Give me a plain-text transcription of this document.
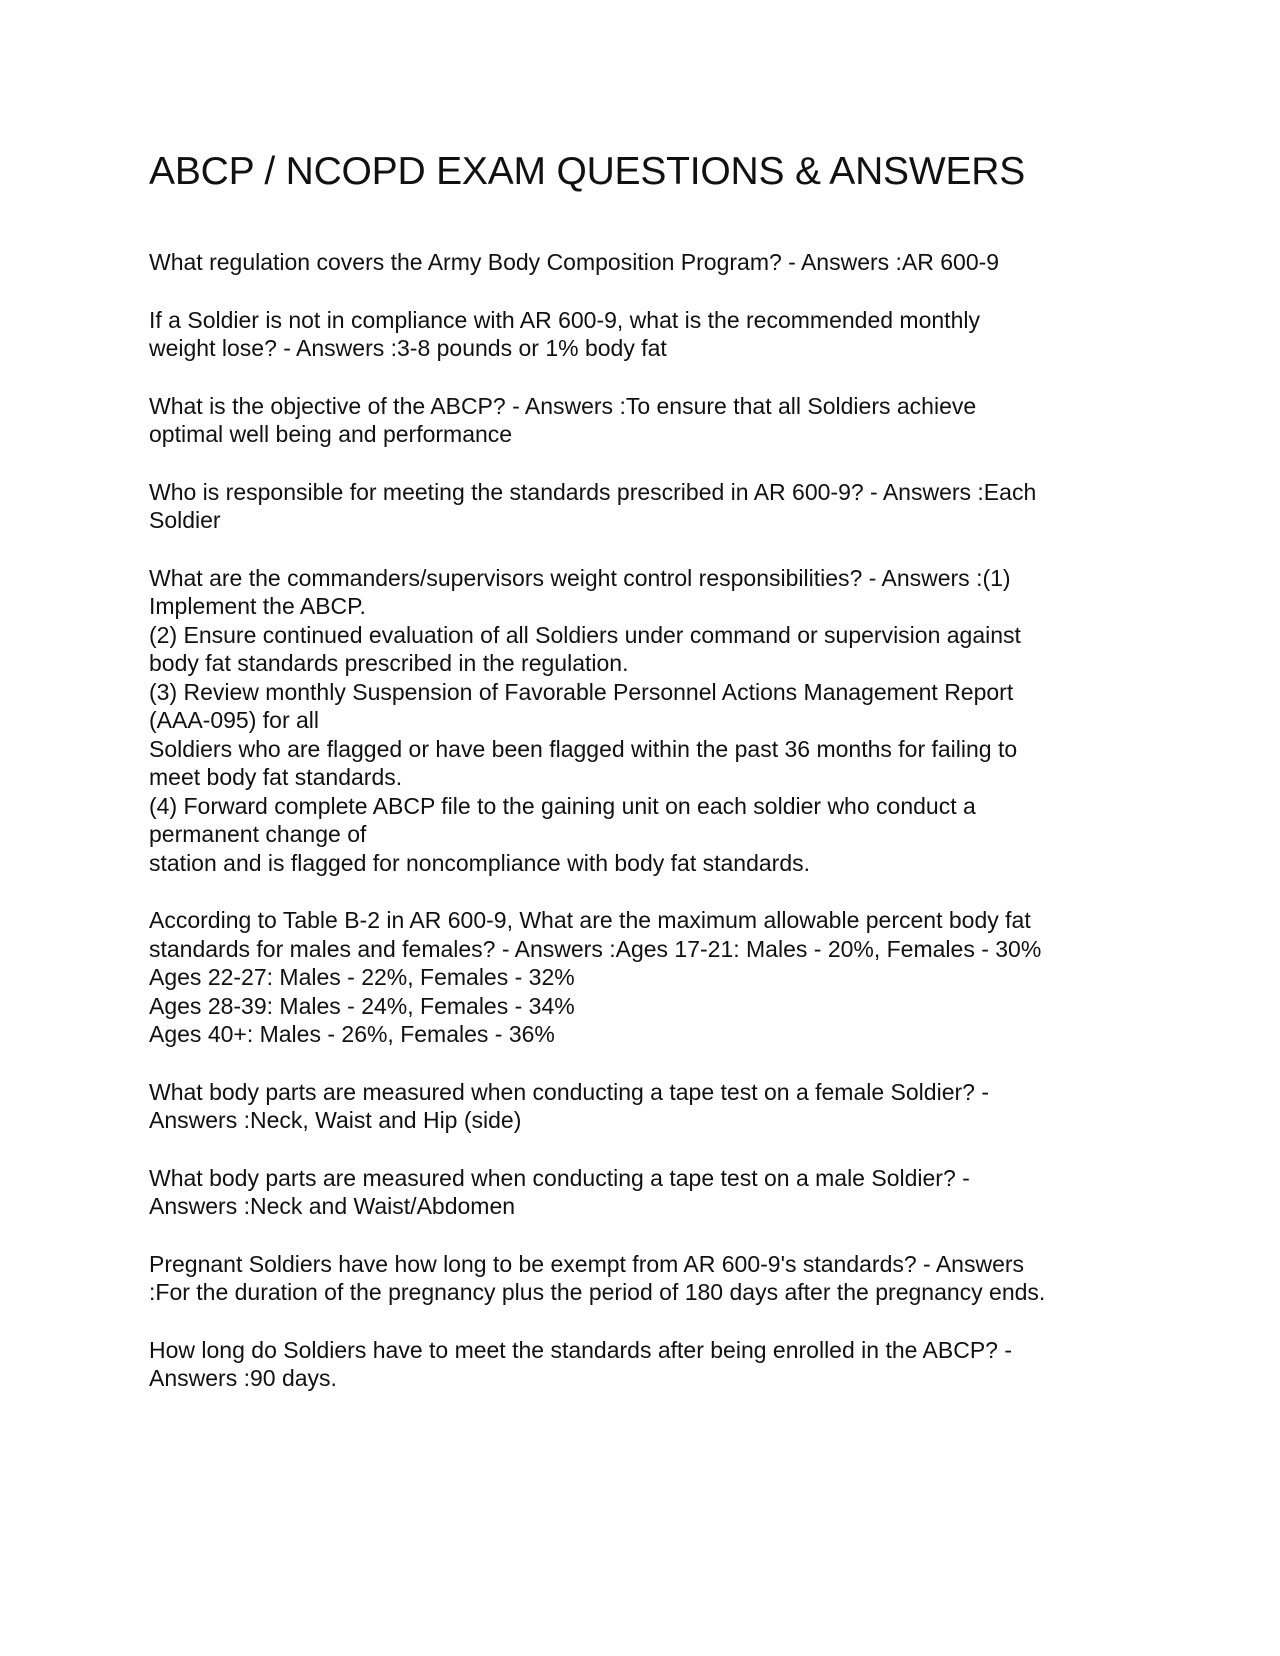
ABCP / NCOPD EXAM QUESTIONS & ANSWERS

What regulation covers the Army Body Composition Program? - Answers :AR 600-9

If a Soldier is not in compliance with AR 600-9, what is the recommended monthly
weight lose? - Answers :3-8 pounds or 1% body fat

What is the objective of the ABCP? - Answers :To ensure that all Soldiers achieve
optimal well being and performance

Who is responsible for meeting the standards prescribed in AR 600-9? - Answers :Each
Soldier

What are the commanders/supervisors weight control responsibilities? - Answers :(1)
Implement the ABCP.
(2) Ensure continued evaluation of all Soldiers under command or supervision against
body fat standards prescribed in the regulation.
(3) Review monthly Suspension of Favorable Personnel Actions Management Report
(AAA-095) for all
Soldiers who are flagged or have been flagged within the past 36 months for failing to
meet body fat standards.
(4) Forward complete ABCP file to the gaining unit on each soldier who conduct a
permanent change of
station and is flagged for noncompliance with body fat standards.

According to Table B-2 in AR 600-9, What are the maximum allowable percent body fat
standards for males and females? - Answers :Ages 17-21: Males - 20%, Females - 30%
Ages 22-27: Males - 22%, Females - 32%
Ages 28-39: Males - 24%, Females - 34%
Ages 40+: Males - 26%, Females - 36%

What body parts are measured when conducting a tape test on a female Soldier? -
Answers :Neck, Waist and Hip (side)

What body parts are measured when conducting a tape test on a male Soldier? -
Answers :Neck and Waist/Abdomen

Pregnant Soldiers have how long to be exempt from AR 600-9's standards? - Answers
:For the duration of the pregnancy plus the period of 180 days after the pregnancy ends.

How long do Soldiers have to meet the standards after being enrolled in the ABCP? -
Answers :90 days.
